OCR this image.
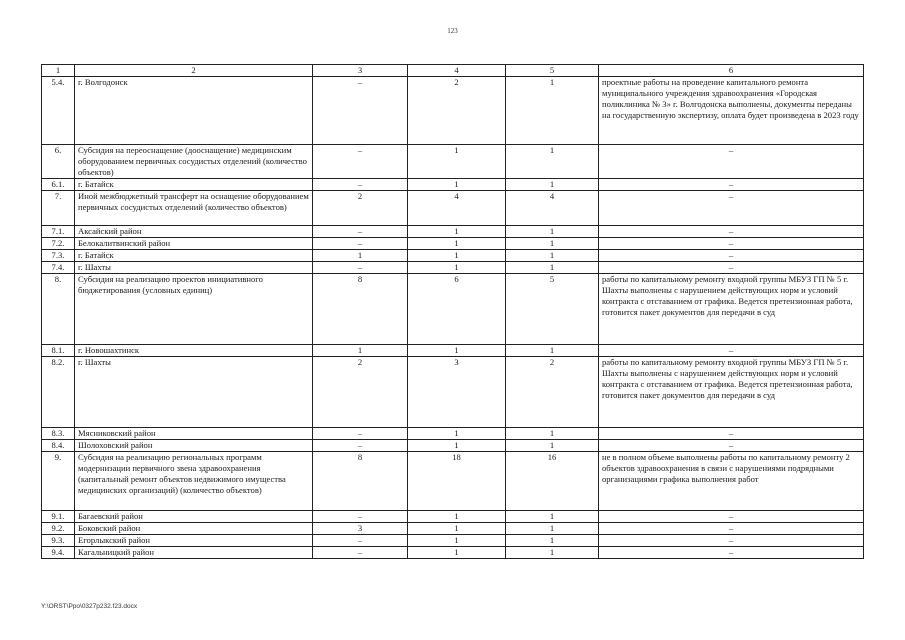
123
1	2	3	4	5	6
5.4.	г. Волгодонск	–	2	1	проектные работы на проведение капитального ремонта муниципального учреждения здравоохранения «Городская поликлиника № 3» г. Волгодонска выполнены, документы переданы на государственную экспертизу, оплата будет произведена в 2023 году
6.	Субсидия на переоснащение (дооснащение) медицинским оборудованием первичных сосудистых отделений (количество объектов)	–	1	1	–
6.1.	г. Батайск	–	1	1	–
7.	Иной межбюджетный трансферт на оснащение оборудованием первичных сосудистых отделений (количество объектов)	2	4	4	–
7.1.	Аксайский район	–	1	1	–
7.2.	Белокалитвинский район	–	1	1	–
7.3.	г. Батайск	1	1	1	–
7.4.	г. Шахты	–	1	1	–
8.	Субсидия на реализацию проектов инициативного бюджетирования (условных единиц)	8	6	5	работы по капитальному ремонту входной группы МБУЗ ГП № 5 г. Шахты выполнены с нарушением действующих норм и условий контракта с отставанием от графика. Ведется претензионная работа, готовится пакет документов для передачи в суд
8.1.	г. Новошахтинск	1	1	1	–
8.2.	г. Шахты	2	3	2	работы по капитальному ремонту входной группы МБУЗ ГП № 5 г. Шахты выполнены с нарушением действующих норм и условий контракта с отставанием от графика. Ведется претензионная работа, готовится пакет документов для передачи в суд
8.3.	Мясниковский район	–	1	1	–
8.4.	Шолоховский район	–	1	1	–
9.	Субсидия на реализацию региональных программ модернизации первичного звена здравоохранения (капитальный ремонт объектов недвижимого имущества медицинских организаций) (количество объектов)	8	18	16	не в полном объеме выполнены работы по капитальному ремонту 2 объектов здравоохранения в связи с нарушениями подрядными организациями графика выполнения работ
9.1.	Багаевский район	–	1	1	–
9.2.	Боковский район	3	1	1	–
9.3.	Егорлыкский район	–	1	1	–
9.4.	Кагальницкий район	–	1	1	–
Y:\ORST\Ppo\0327p232.f23.docx
